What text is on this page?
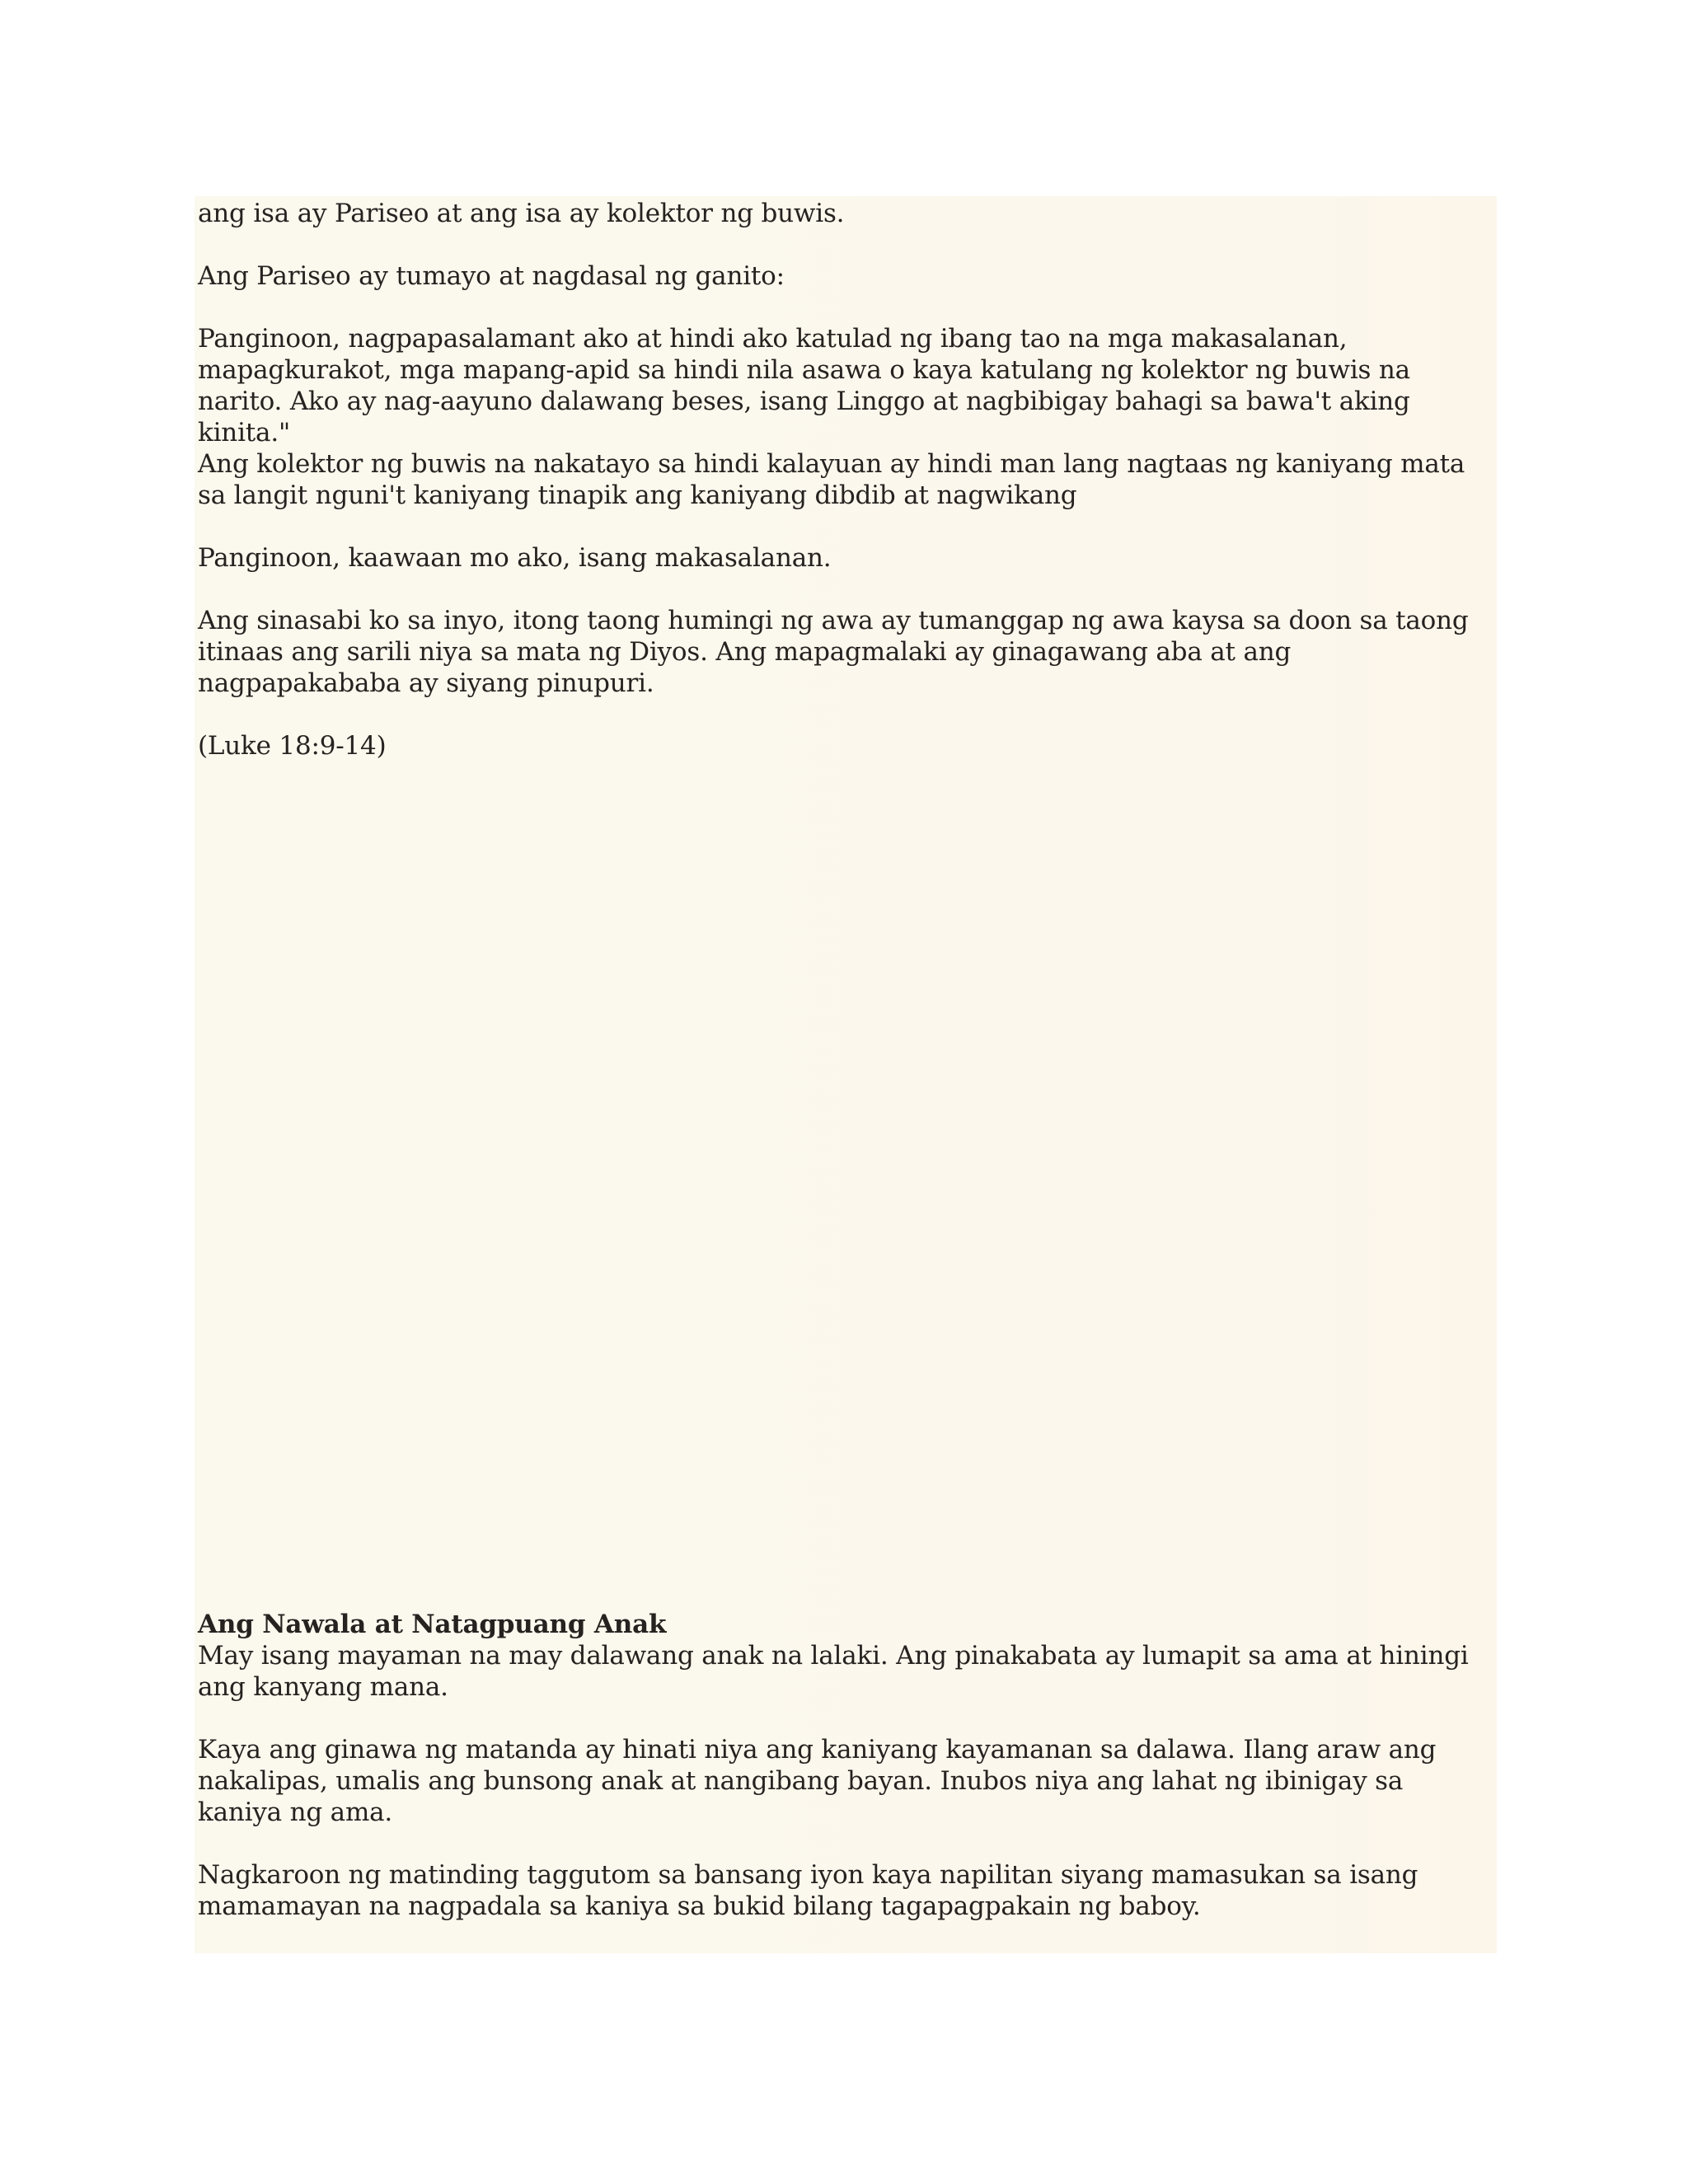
ang isa ay Pariseo at ang isa ay kolektor ng buwis.

Ang Pariseo ay tumayo at nagdasal ng ganito:

Panginoon, nagpapasalamant ako at hindi ako katulad ng ibang tao na mga makasalanan, mapagkurakot, mga mapang-apid sa hindi nila asawa o kaya katulang ng kolektor ng buwis na narito. Ako ay nag-aayuno dalawang beses, isang Linggo at nagbibigay bahagi sa bawa't aking kinita."

Ang kolektor ng buwis na nakatayo sa hindi kalayuan ay hindi man lang nagtaas ng kaniyang mata sa langit nguni't kaniyang tinapik ang kaniyang dibdib at nagwikang

Panginoon, kaawaan mo ako, isang makasalanan.

Ang sinasabi ko sa inyo, itong taong humingi ng awa ay tumanggap ng awa kaysa sa doon sa taong itinaas ang sarili niya sa mata ng Diyos. Ang mapagmalaki ay ginagawang aba at ang nagpapakababa ay siyang pinupuri.

(Luke 18:9-14)

Ang Nawala at Natagpuang Anak

May isang mayaman na may dalawang anak na lalaki. Ang pinakabata ay lumapit sa ama at hiningi ang kanyang mana.

Kaya ang ginawa ng matanda ay hinati niya ang kaniyang kayamanan sa dalawa. Ilang araw ang nakalipas, umalis ang bunsong anak at nangibang bayan. Inubos niya ang lahat ng ibinigay sa kaniya ng ama.

Nagkaroon ng matinding taggutom sa bansang iyon kaya napilitan siyang mamasukan sa isang mamamayan na nagpadala sa kaniya sa bukid bilang tagapagpakain ng baboy.
